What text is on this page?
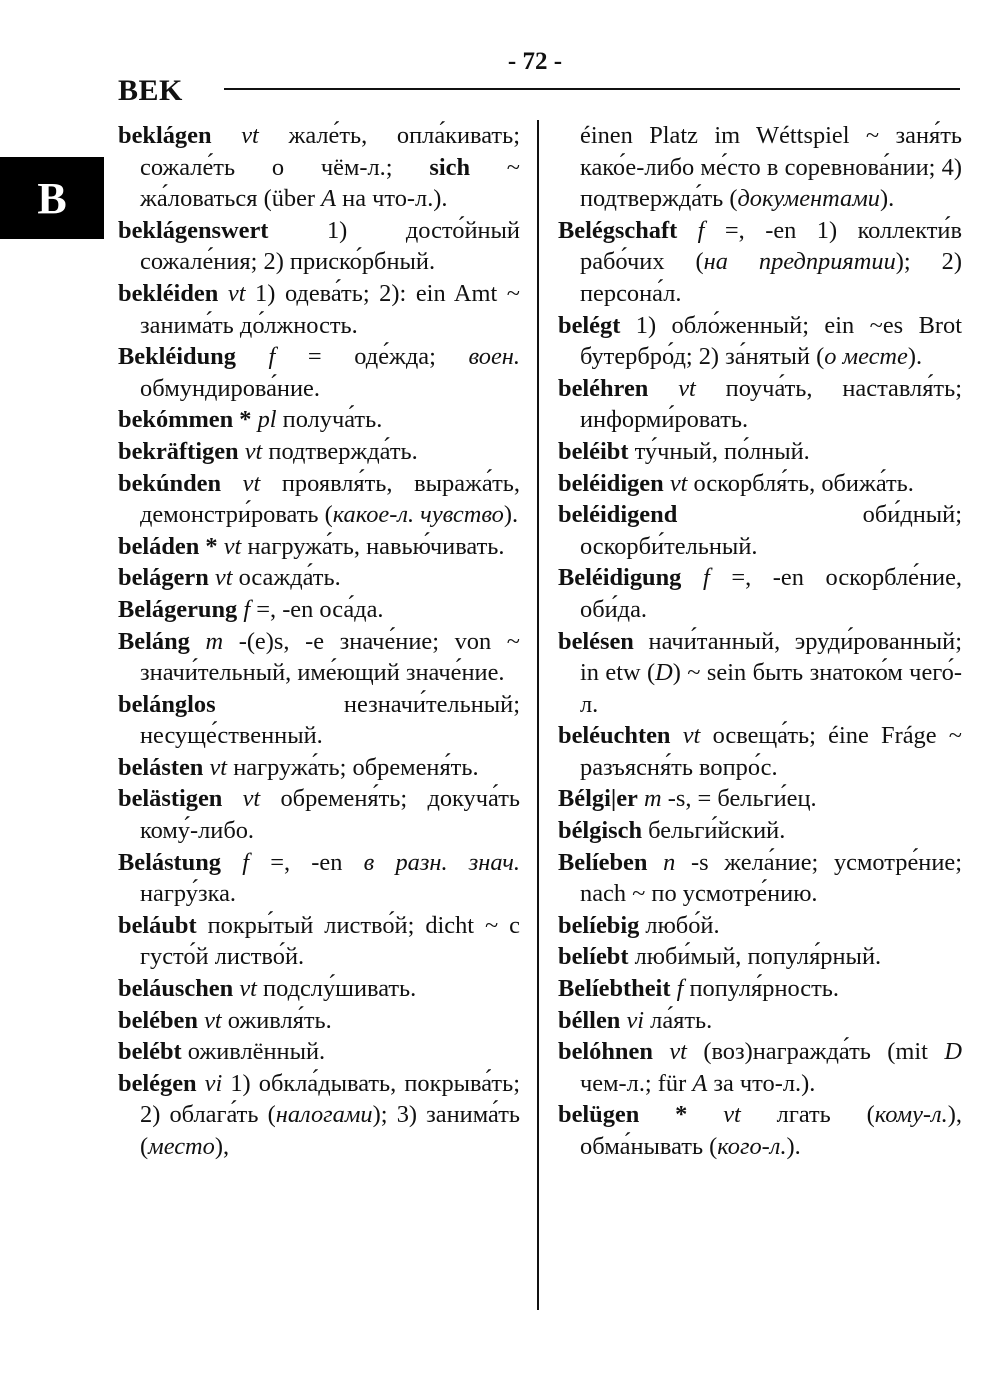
- 72 -
BEK
B

beklágen vt жале́ть, опла́кивать; сожале́ть о чём-л.; sich ~ жа́ловаться (über A на что-л.).

beklágenswert 1) досто́йный сожале́ния; 2) приско́рбный.

bekléiden vt 1) одева́ть; 2): ein Amt ~ занима́ть до́лжность.

Bekléidung f = оде́жда; воен. обмундирова́ние.

bekómmen * pl получа́ть.

bekräftigen vt подтвержда́ть.

bekúnden vt проявля́ть, выража́ть, демонстри́ровать (какое-л. чувство).

beláden * vt нагружа́ть, навью́чивать.

belágern vt осажда́ть.

Belágerung f =, -en оса́да.

Beláng m -(e)s, -e значе́ние; von ~ значи́тельный, име́ющий значе́ние.

belánglos незначи́тельный; несуще́ственный.

belásten vt нагружа́ть; обременя́ть.

belästigen vt обременя́ть; докуча́ть кому́-либо.

Belástung f =, -en в разн. знач. нагру́зка.

beláubt покры́тый листво́й; dicht ~ с густо́й листво́й.

beláuschen vt подслу́шивать.

belében vt оживля́ть.

belébt оживлённый.

belégen vi 1) обкла́дывать, покрыва́ть; 2) облага́ть (налогами); 3) занима́ть (место),

éinen Platz im Wéttspiel ~ заня́ть како́е-либо ме́сто в соревнова́нии; 4) подтвержда́ть (документами).

Belégschaft f =, -en 1) коллекти́в рабо́чих (на предприятии); 2) персона́л.

belégt 1) обло́женный; ein ~es Brot бутербро́д; 2) за́нятый (о месте).

beléhren vt поуча́ть, наставля́ть; информи́ровать.

beléibt ту́чный, по́лный.

beléidigen vt оскорбля́ть, обижа́ть.

beléidigend оби́дный; оскорби́тельный.

Beléidigung f =, -en оскорбле́ние, оби́да.

belésen начи́танный, эруди́рованный; in etw (D) ~ sein быть знатоко́м чего́-л.

beléuchten vt освеща́ть; éine Fráge ~ разъясня́ть вопро́с.

Bélgi|er m -s, = бельги́ец.

bélgisch бельги́йский.

Belíeben n -s жела́ние; усмотре́ние; nach ~ по усмотре́нию.

belíebig любо́й.

belíebt люби́мый, популя́рный.

Belíebtheit f популя́рность.

béllen vi ла́ять.

belóhnen vt (воз)награжда́ть (mit D чем-л.; für A за что-л.).

belügen * vt лгать (кому-л.), обма́нывать (кого-л.).
